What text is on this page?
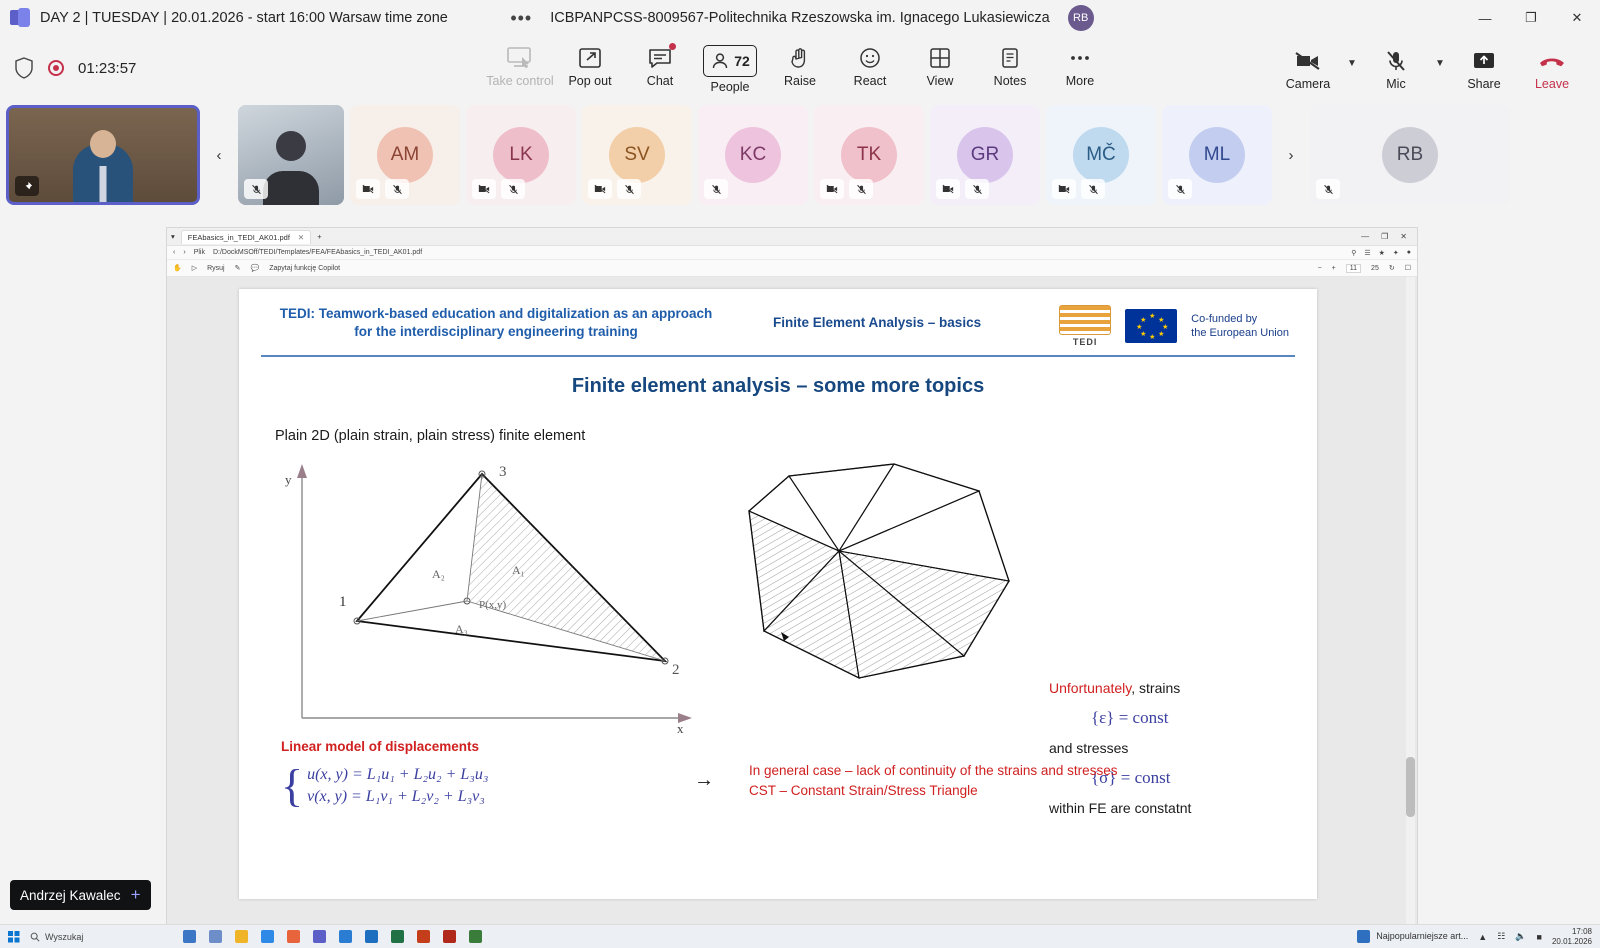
DAY 2 | TUESDAY | 20.01.2026 - start 16:00 Warsaw time zone	••• ICBPANPCSS-8009567-Politechnika Rzeszowska im. Ignacego Lukasiewicza	RB	—	❐	✕
01:23:57
Take control Pop out	Chat
72
People	Raise	React	View	Notes	More	Camera
▼
Mic
▼
Share	Leave
‹	AM	LK	SV	KC	TK	GR	MČ	ML	›	RB
▾ FEAbasics_in_TEDI_AK01.pdf ✕ +	— ❐ ✕
‹ › Plik D:/DockMSOff/TEDI/Templates/FEA/FEAbasics_in_TEDI_AK01.pdf	⚲ ☰ ★ ✦ ●
✋ ▷ Rysuj ✎ 💬 Zapytaj funkcję Copilot	− +	11	25 ↻ ☐
TEDI: Teamwork-based education and digitalization as an approach
for the interdisciplinary engineering training
Finite Element Analysis – basics
TEDI
★
★
★
★
★
★
★
★	Co-funded by
the European Union
Finite element analysis – some more topics
Plain 2D (plain strain, plain stress) finite element
y
x
3
1
2
A₂	A₁
A₃
P(x,y)
Unfortunately, strains
{ε} = const
and stresses
{σ} = const
within FE are constatnt
Linear model of displacements
{ u(x, y) = L₁u₁ + L₂u₂ + L₃u₃
v(x, y) = L₁v₁ + L₂v₂ + L₃v₃
→	In general case – lack of continuity of the strains and stresses
CST – Constant Strain/Stress Triangle
Andrzej Kawalec +
Wyszukaj	Najpopularniejsze art... ▲ ☷ 🔈 ■	17:08
20.01.2026
